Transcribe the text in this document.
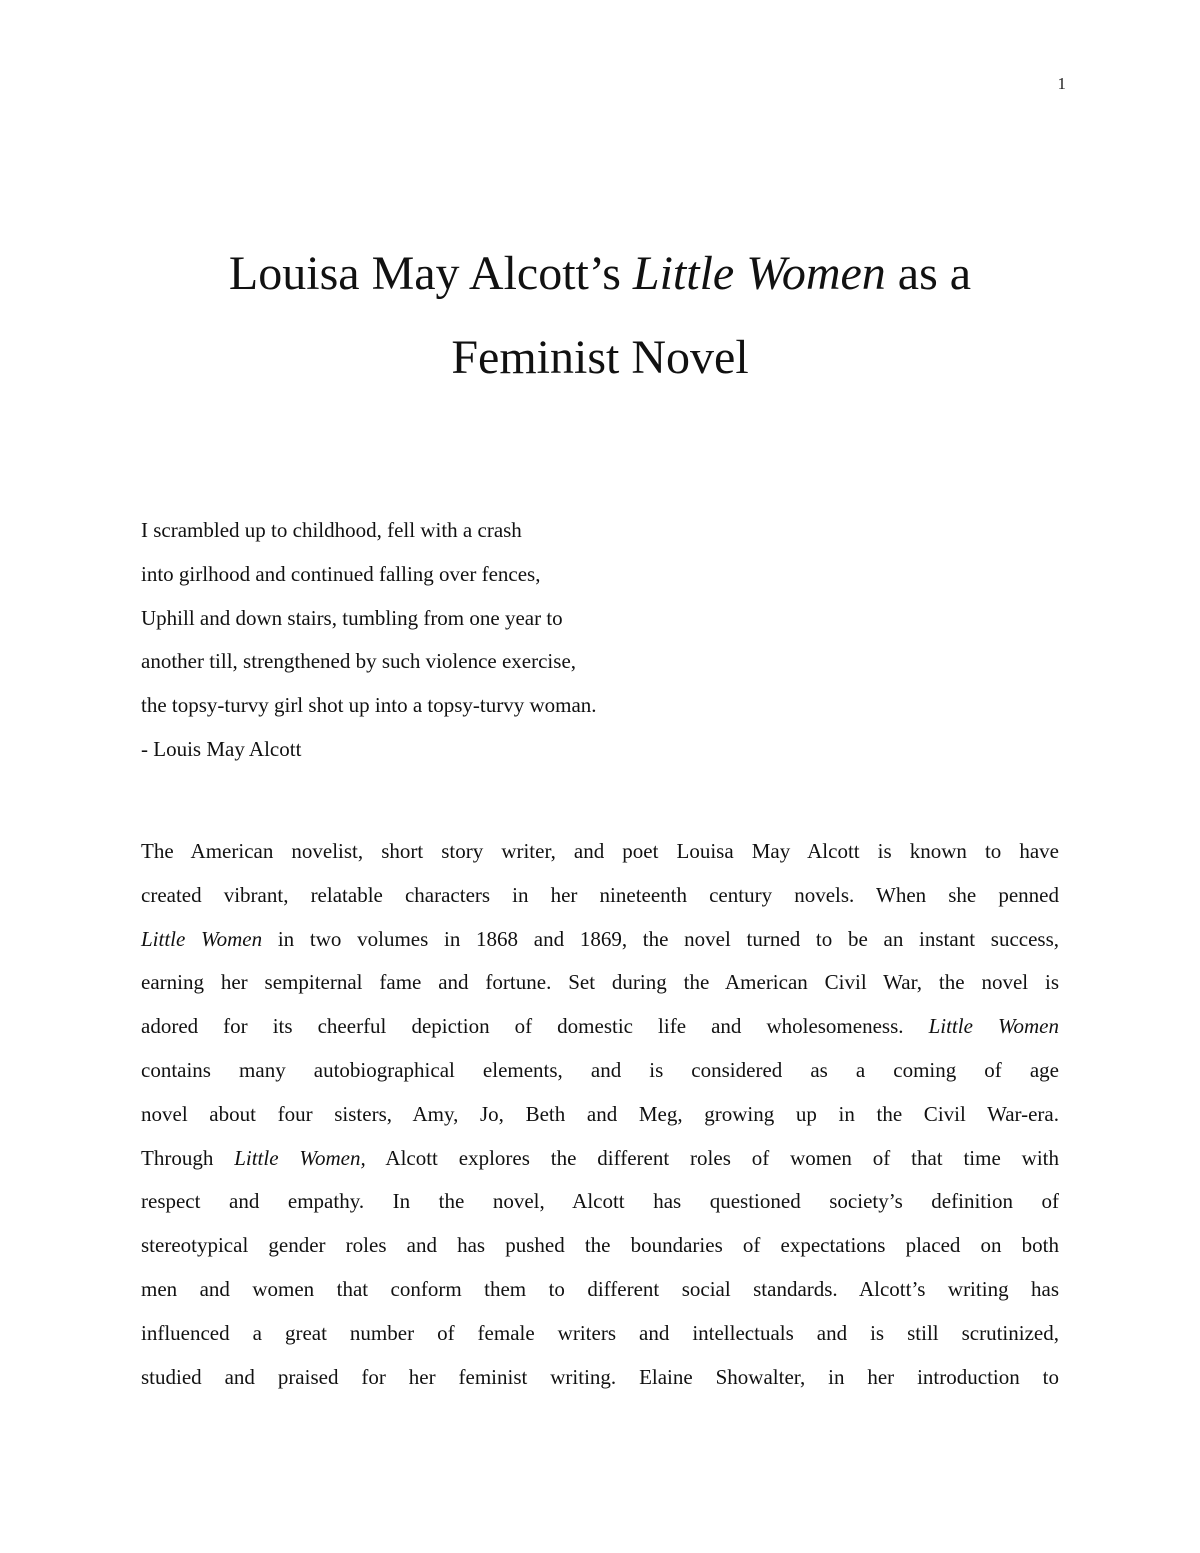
1
Louisa May Alcott’s Little Women as a
Feminist Novel
I scrambled up to childhood, fell with a crash
into girlhood and continued falling over fences,
Uphill and down stairs, tumbling from one year to
another till, strengthened by such violence exercise,
the topsy-turvy girl shot up into a topsy-turvy woman.
- Louis May Alcott
The American novelist, short story writer, and poet Louisa May Alcott is known to have
created vibrant, relatable characters in her nineteenth century novels. When she penned
Little Women in two volumes in 1868 and 1869, the novel turned to be an instant success,
earning her sempiternal fame and fortune. Set during the American Civil War, the novel is
adored for its cheerful depiction of domestic life and wholesomeness. Little Women
contains many autobiographical elements, and is considered as a coming of age
novel about four sisters, Amy, Jo, Beth and Meg, growing up in the Civil War-era.
Through Little Women, Alcott explores the different roles of women of that time with
respect and empathy. In the novel, Alcott has questioned society’s definition of
stereotypical gender roles and has pushed the boundaries of expectations placed on both
men and women that conform them to different social standards. Alcott’s writing has
influenced a great number of female writers and intellectuals and is still scrutinized,
studied and praised for her feminist writing. Elaine Showalter, in her introduction to
